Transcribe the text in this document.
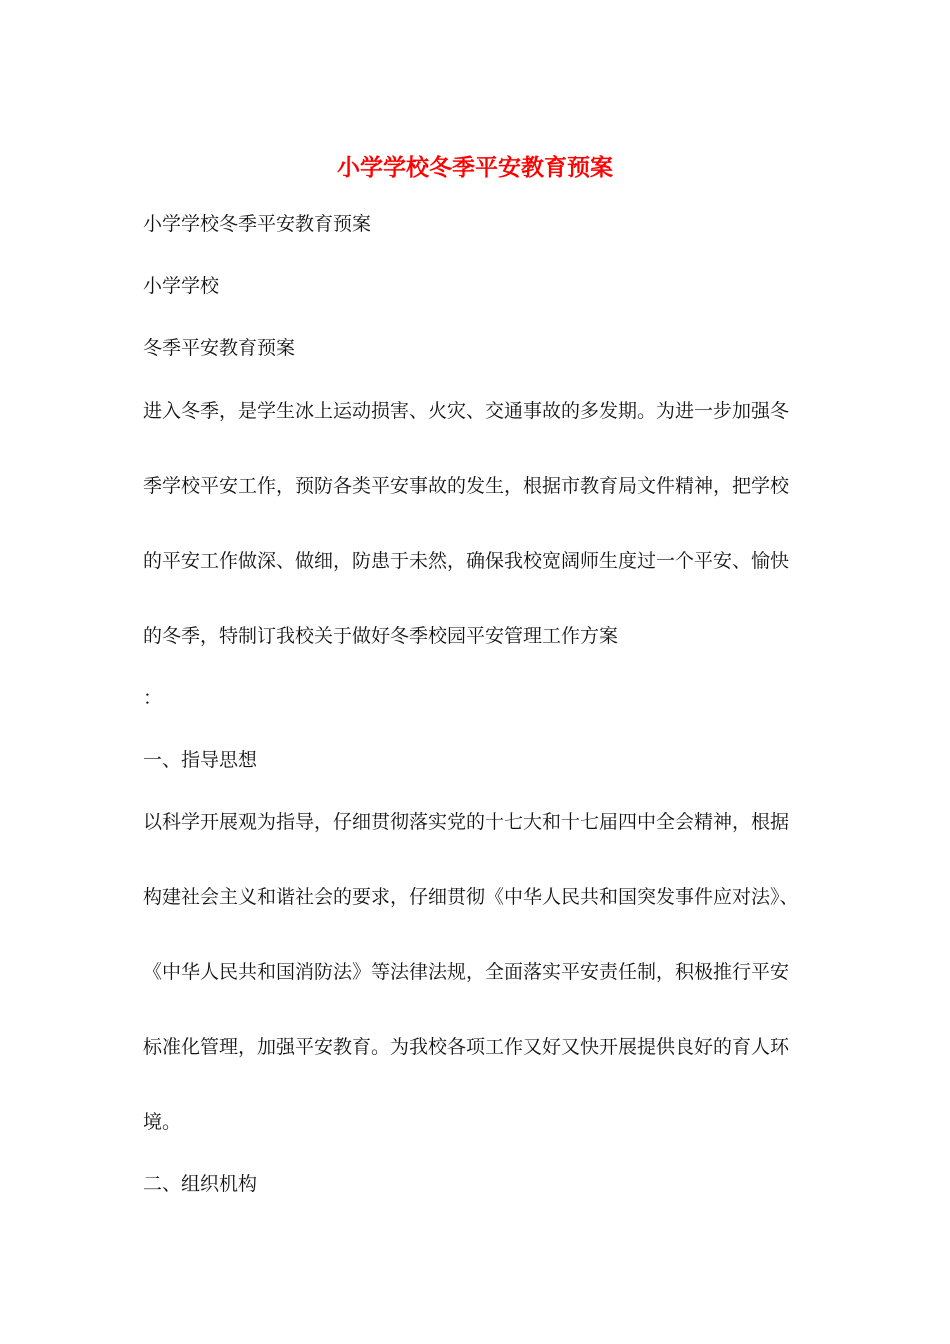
小学学校冬季平安教育预案

小学学校冬季平安教育预案

小学学校

冬季平安教育预案

进入冬季，是学生冰上运动损害、火灾、交通事故的多发期。为进一步加强冬

季学校平安工作，预防各类平安事故的发生，根据市教育局文件精神，把学校

的平安工作做深、做细，防患于未然，确保我校宽阔师生度过一个平安、愉快

的冬季，特制订我校关于做好冬季校园平安管理工作方案

：

一、指导思想

以科学开展观为指导，仔细贯彻落实党的十七大和十七届四中全会精神，根据

构建社会主义和谐社会的要求，仔细贯彻《中华人民共和国突发事件应对法》、

《中华人民共和国消防法》等法律法规，全面落实平安责任制，积极推行平安

标准化管理，加强平安教育。为我校各项工作又好又快开展提供良好的育人环

境。

二、组织机构
